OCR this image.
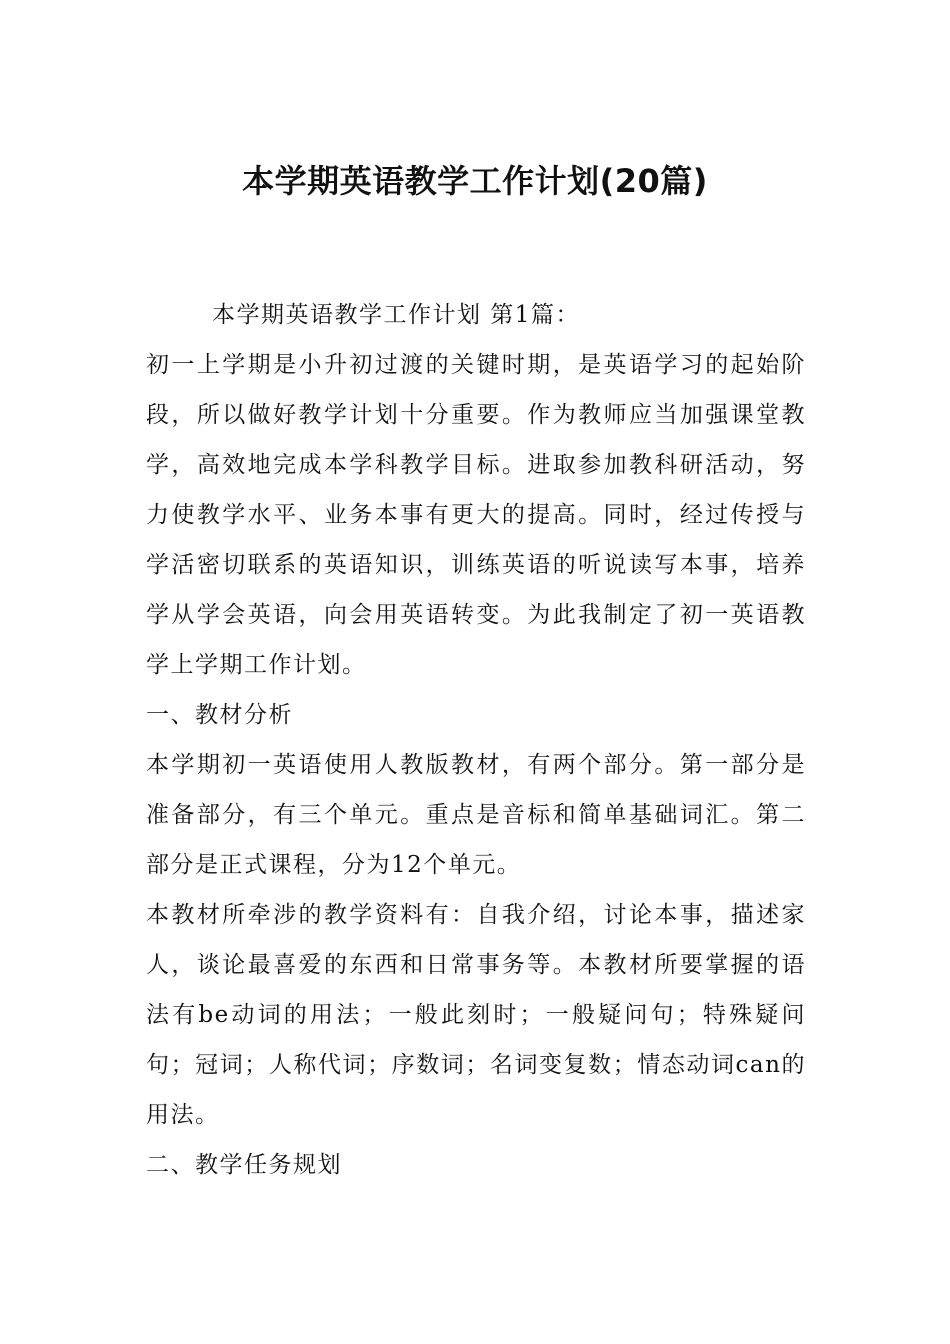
本学期英语教学工作计划(20篇)

本学期英语教学工作计划 第1篇：

初一上学期是小升初过渡的关键时期，是英语学习的起始阶段，所以做好教学计划十分重要。作为教师应当加强课堂教学，高效地完成本学科教学目标。进取参加教科研活动，努力使教学水平、业务本事有更大的提高。同时，经过传授与学活密切联系的英语知识，训练英语的听说读写本事，培养学从学会英语，向会用英语转变。为此我制定了初一英语教学上学期工作计划。

一、教材分析

本学期初一英语使用人教版教材，有两个部分。第一部分是准备部分，有三个单元。重点是音标和简单基础词汇。第二部分是正式课程，分为12个单元。

本教材所牵涉的教学资料有：自我介绍，讨论本事，描述家人，谈论最喜爱的东西和日常事务等。本教材所要掌握的语法有be动词的用法；一般此刻时；一般疑问句；特殊疑问句；冠词；人称代词；序数词；名词变复数；情态动词can的用法。

二、教学任务规划
